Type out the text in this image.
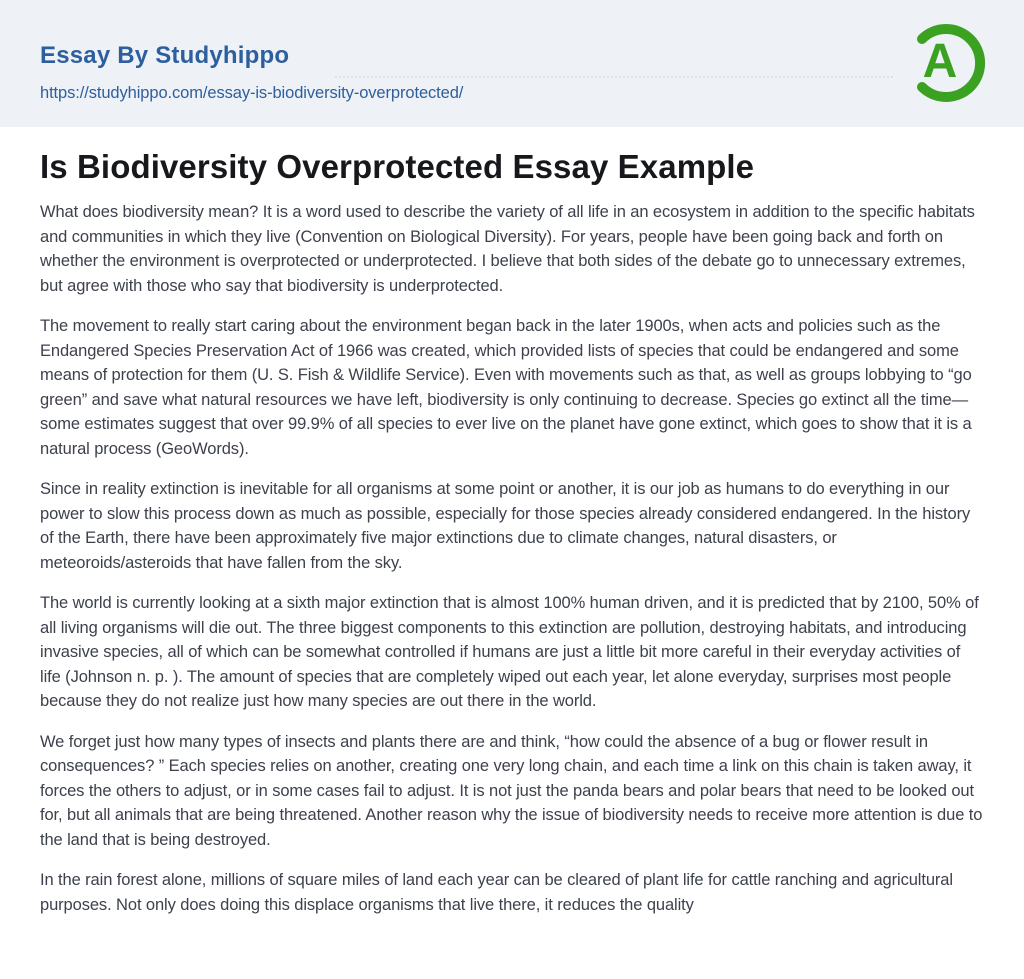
Essay By Studyhippo
https://studyhippo.com/essay-is-biodiversity-overprotected/
A
Is Biodiversity Overprotected Essay Example

What does biodiversity mean? It is a word used to describe the variety of all life in an ecosystem in addition to the specific habitats and communities in which they live (Convention on Biological Diversity). For years, people have been going back and forth on whether the environment is overprotected or underprotected. I believe that both sides of the debate go to unnecessary extremes, but agree with those who say that biodiversity is underprotected.

The movement to really start caring about the environment began back in the later 1900s, when acts and policies such as the Endangered Species Preservation Act of 1966 was created, which provided lists of species that could be endangered and some means of protection for them (U. S. Fish & Wildlife Service). Even with movements such as that, as well as groups lobbying to “go green” and save what natural resources we have left, biodiversity is only continuing to decrease. Species go extinct all the time—some estimates suggest that over 99.9% of all species to ever live on the planet have gone extinct, which goes to show that it is a natural process (GeoWords).

Since in reality extinction is inevitable for all organisms at some point or another, it is our job as humans to do everything in our power to slow this process down as much as possible, especially for those species already considered endangered. In the history of the Earth, there have been approximately five major extinctions due to climate changes, natural disasters, or meteoroids/asteroids that have fallen from the sky.

The world is currently looking at a sixth major extinction that is almost 100% human driven, and it is predicted that by 2100, 50% of all living organisms will die out. The three biggest components to this extinction are pollution, destroying habitats, and introducing invasive species, all of which can be somewhat controlled if humans are just a little bit more careful in their everyday activities of life (Johnson n. p. ). The amount of species that are completely wiped out each year, let alone everyday, surprises most people because they do not realize just how many species are out there in the world.

We forget just how many types of insects and plants there are and think, “how could the absence of a bug or flower result in consequences? ” Each species relies on another, creating one very long chain, and each time a link on this chain is taken away, it forces the others to adjust, or in some cases fail to adjust. It is not just the panda bears and polar bears that need to be looked out for, but all animals that are being threatened. Another reason why the issue of biodiversity needs to receive more attention is due to the land that is being destroyed.

In the rain forest alone, millions of square miles of land each year can be cleared of plant life for cattle ranching and agricultural purposes. Not only does doing this displace organisms that live there, it reduces the quality
